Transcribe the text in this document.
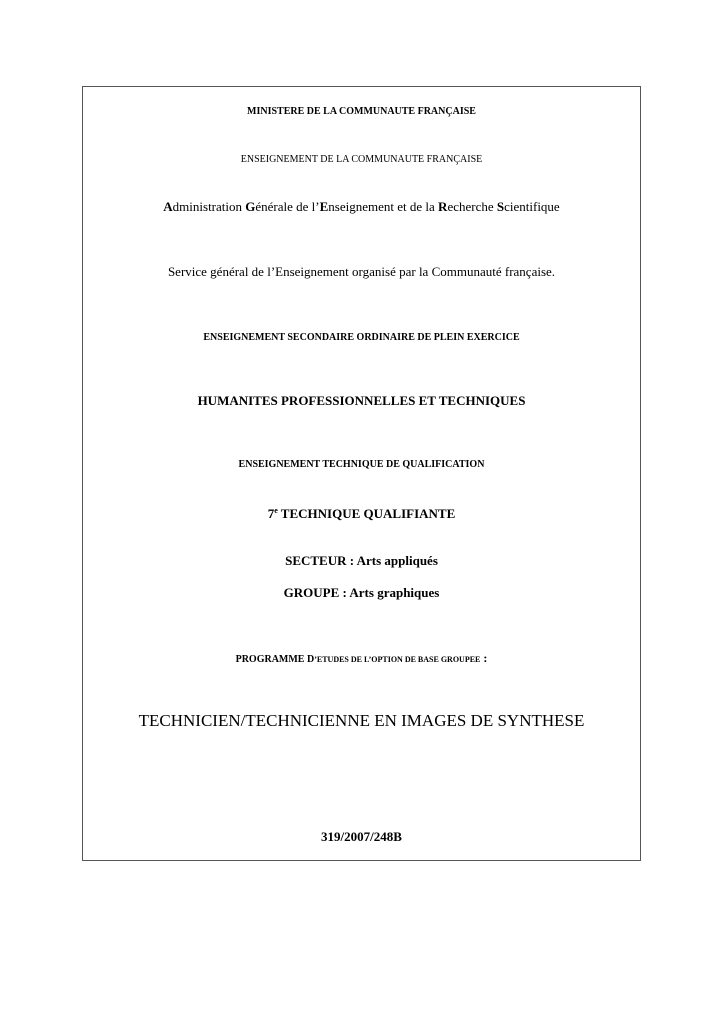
MINISTERE DE LA COMMUNAUTE FRANÇAISE
ENSEIGNEMENT DE LA COMMUNAUTE FRANÇAISE
Administration Générale de l’Enseignement et de la Recherche Scientifique
Service général de l’Enseignement organisé par la Communauté française.
ENSEIGNEMENT SECONDAIRE ORDINAIRE DE PLEIN EXERCICE
HUMANITES PROFESSIONNELLES ET TECHNIQUES
ENSEIGNEMENT TECHNIQUE DE QUALIFICATION
7e TECHNIQUE QUALIFIANTE
SECTEUR : Arts appliqués
GROUPE : Arts graphiques
PROGRAMME D’ETUDES DE L’OPTION DE BASE GROUPEE :
TECHNICIEN/TECHNICIENNE EN IMAGES DE SYNTHESE
319/2007/248B
